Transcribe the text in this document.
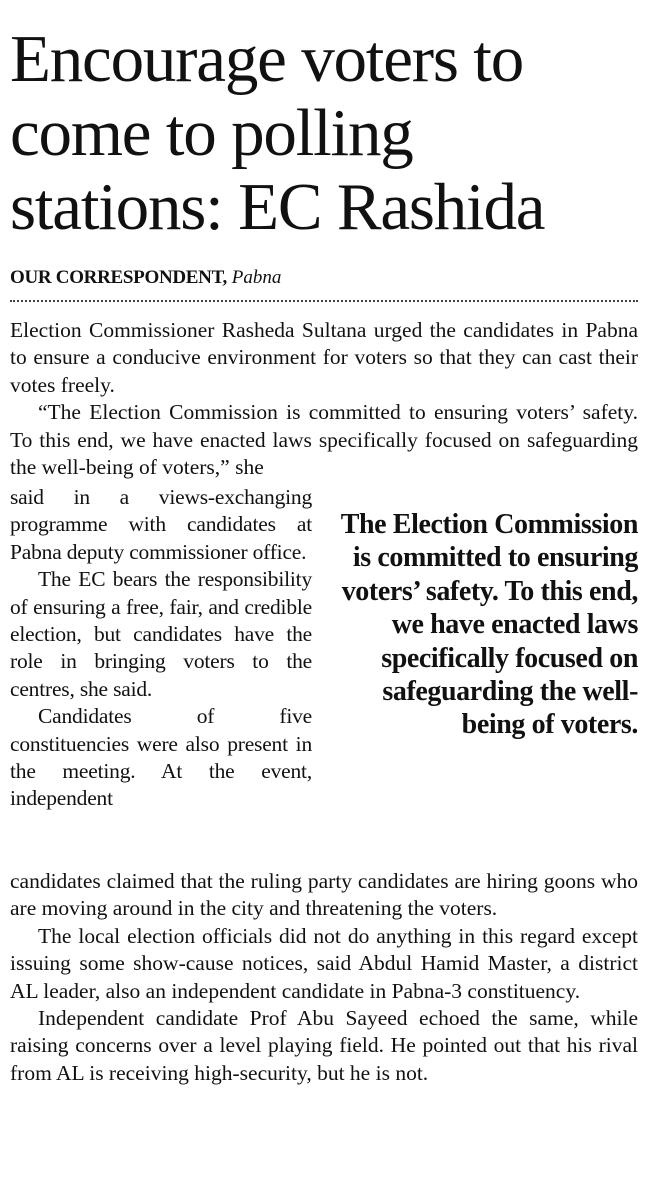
Encourage voters to come to polling stations: EC Rashida
OUR CORRESPONDENT, Pabna

Election Commissioner Rasheda Sultana urged the candidates in Pabna to ensure a conducive environment for voters so that they can cast their votes freely.

“The Election Commission is committed to ensuring voters’ safety. To this end, we have enacted laws specifically focused on safeguarding the well-being of voters,” she

said in a views-exchanging programme with candidates at Pabna deputy commissioner office.

The EC bears the responsibility of ensuring a free, fair, and credible election, but candidates have the role in bringing voters to the centres, she said.

Candidates of five constituencies were also present in the meeting. At the event, independent

The Election Commission is committed to ensuring voters’ safety. To this end, we have enacted laws specifically focused on safeguarding the well-being of voters.

candidates claimed that the ruling party candidates are hiring goons who are moving around in the city and threatening the voters.

The local election officials did not do anything in this regard except issuing some show-cause notices, said Abdul Hamid Master, a district AL leader, also an independent candidate in Pabna-3 constituency.

Independent candidate Prof Abu Sayeed echoed the same, while raising concerns over a level playing field. He pointed out that his rival from AL is receiving high-security, but he is not.
